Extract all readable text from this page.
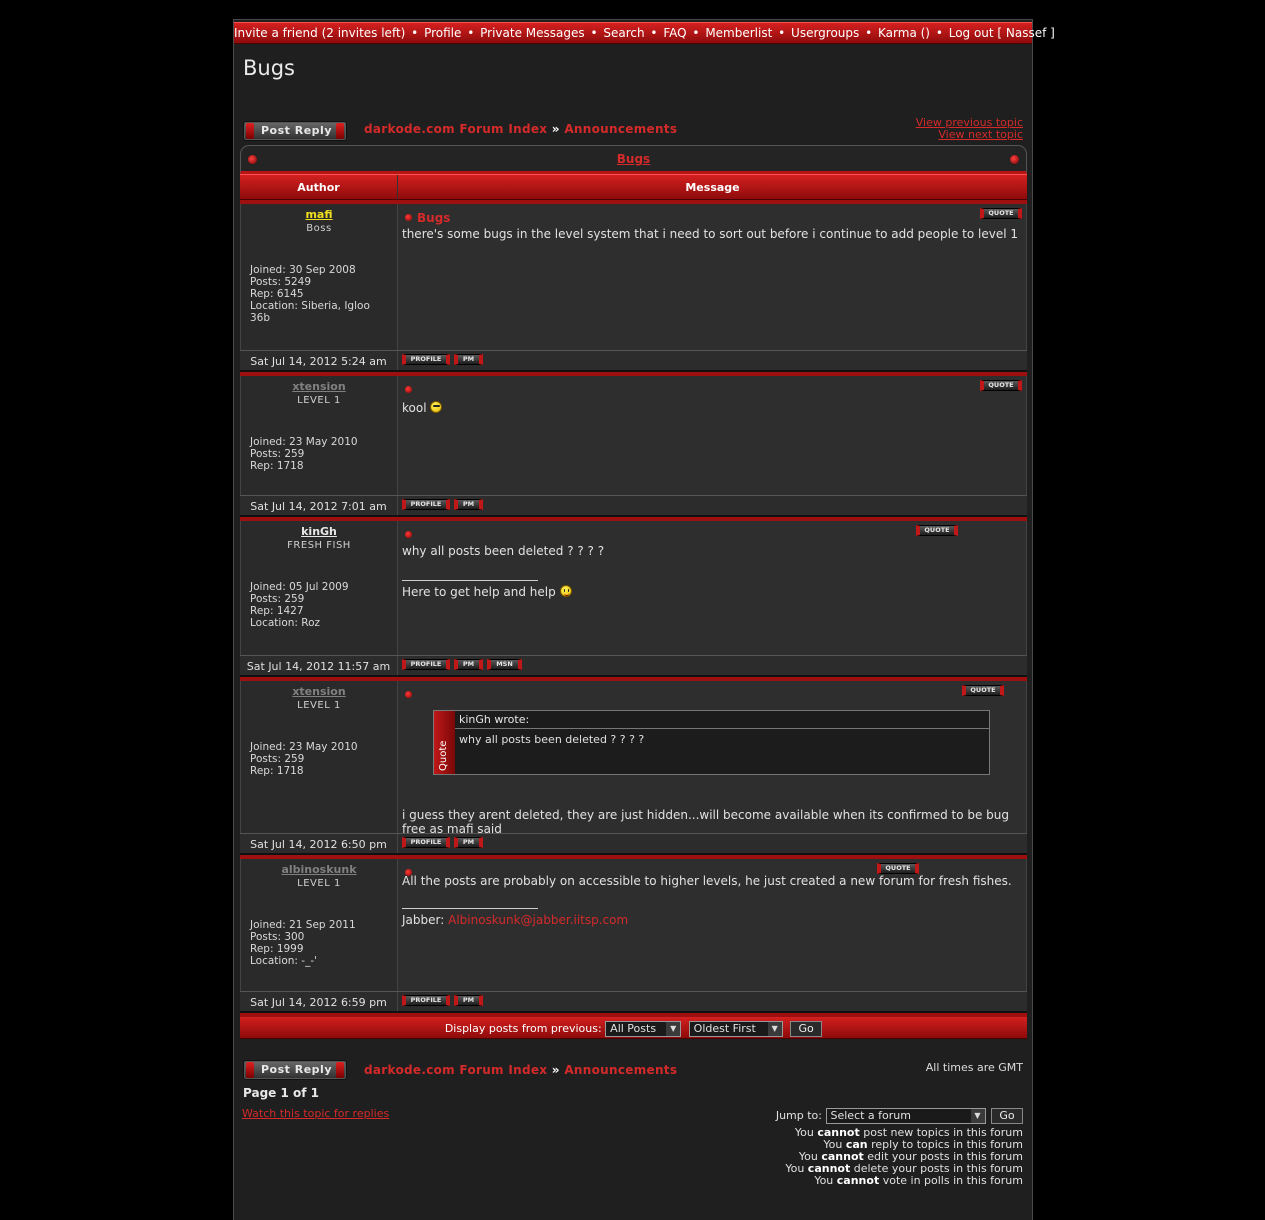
Invite a friend (2 invites left) • Profile • Private Messages • Search • FAQ • Memberlist • Usergroups • Karma () • Log out [ Nassef ]
Bugs
Post Reply	darkode.com Forum Index » Announcements	View previous topic
View next topic
Bugs
Author	Message
mafi
Boss
Joined: 30 Sep 2008
Posts: 5249
Rep: 6145
Location: Siberia, Igloo 36b
QUOTE
Bugs
there's some bugs in the level system that i need to sort out before i continue to add people to level 1
Sat Jul 14, 2012 5:24 am	PROFILE	PM
xtension
LEVEL 1
Joined: 23 May 2010
Posts: 259
Rep: 1718
QUOTE
kool
Sat Jul 14, 2012 7:01 am	PROFILE	PM
kinGh
FRESH FISH
Joined: 05 Jul 2009
Posts: 259
Rep: 1427
Location: Roz
QUOTE
why all posts been deleted ? ? ? ?
Here to get help and help
Sat Jul 14, 2012 11:57 am	PROFILE	PM	MSN
xtension
LEVEL 1
Joined: 23 May 2010
Posts: 259
Rep: 1718
QUOTE
Quote
kinGh wrote:
why all posts been deleted ? ? ? ?
i guess they arent deleted, they are just hidden...will become available when its confirmed to be bug free as mafi said
Sat Jul 14, 2012 6:50 pm	PROFILE	PM
albinoskunk
LEVEL 1
Joined: 21 Sep 2011
Posts: 300
Rep: 1999
Location: -_-'
QUOTE
All the posts are probably on accessible to higher levels, he just created a new forum for fresh fishes.
Jabber: Albinoskunk@jabber.iitsp.com
Sat Jul 14, 2012 6:59 pm	PROFILE	PM
Display posts from previous: All Posts	▼	Oldest First	▼	Go
Post Reply	darkode.com Forum Index » Announcements	All times are GMT
Page 1 of 1
Watch this topic for replies	Jump to: Select a forum	▼	Go
You cannot post new topics in this forum
You can reply to topics in this forum
You cannot edit your posts in this forum
You cannot delete your posts in this forum
You cannot vote in polls in this forum
